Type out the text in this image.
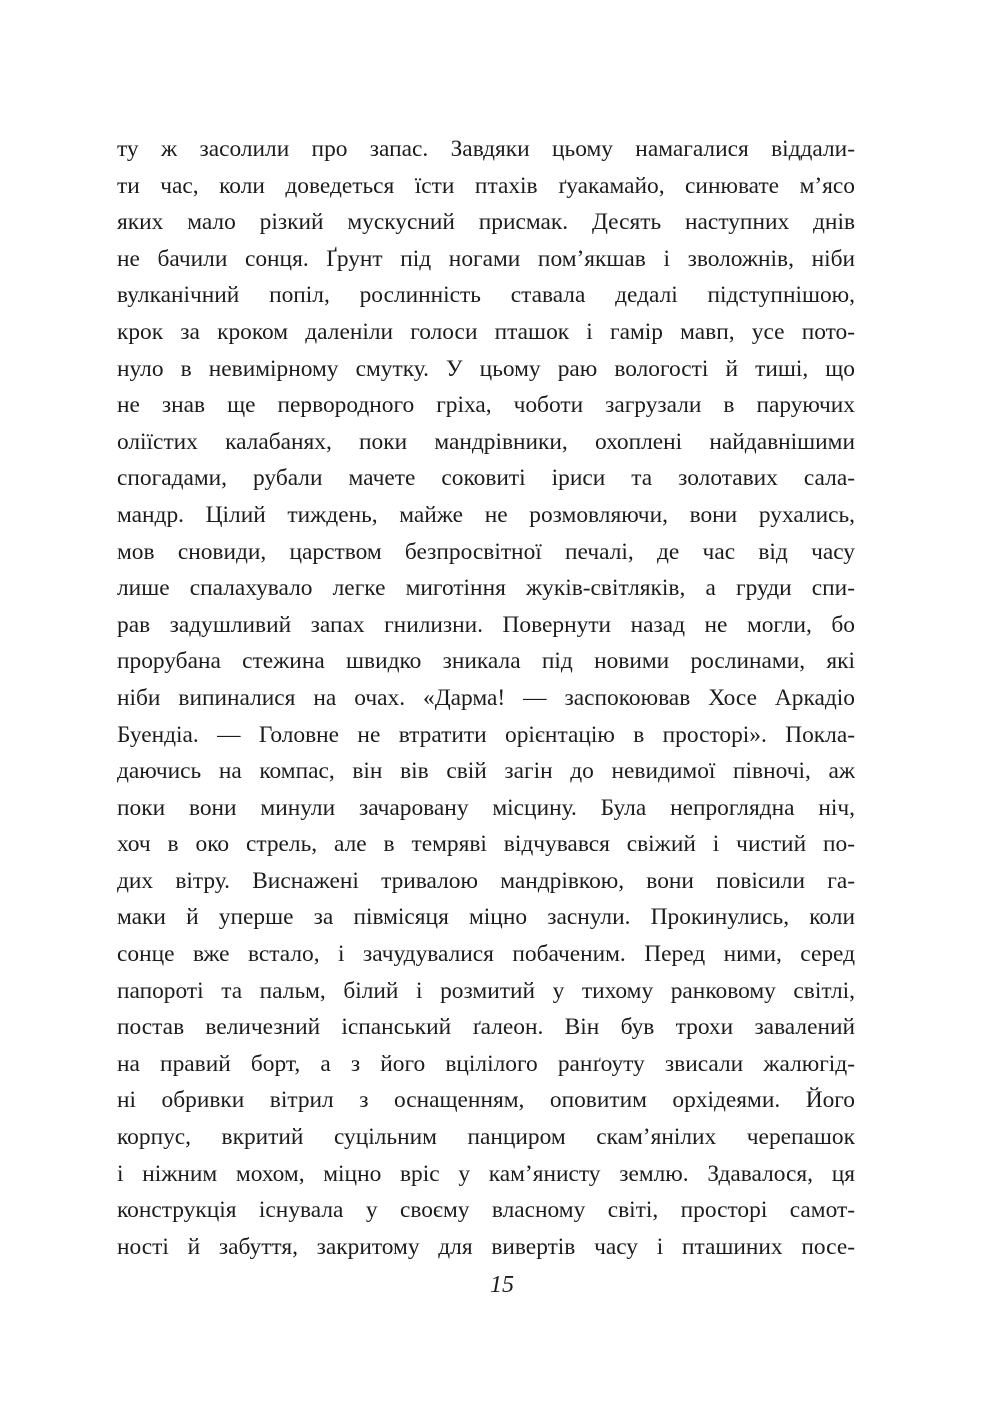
ту ж засолили про запас. Завдяки цьому намагалися віддали-
ти час, коли доведеться їсти птахів ґуакамайо, синювате м’ясо
яких мало різкий мускусний присмак. Десять наступних днів
не бачили сонця. Ґрунт під ногами пом’якшав і зволожнів, ніби
вулканічний попіл, рослинність ставала дедалі підступнішою,
крок за кроком даленіли голоси пташок і гамір мавп, усе пото-
нуло в невимірному смутку. У цьому раю вологості й тиші, що
не знав ще первородного гріха, чоботи загрузали в паруючих
оліїстих калабанях, поки мандрівники, охоплені найдавнішими
спогадами, рубали мачете соковиті іриси та золотавих сала-
мандр. Цілий тиждень, майже не розмовляючи, вони рухались,
мов сновиди, царством безпросвітної печалі, де час від часу
лише спалахувало легке миготіння жуків-світляків, а груди спи-
рав задушливий запах гнилизни. Повернути назад не могли, бо
прорубана стежина швидко зникала під новими рослинами, які
ніби випиналися на очах. «Дарма! — заспокоював Хосе Аркадіо
Буендіа. — Головне не втратити орієнтацію в просторі». Покла-
даючись на компас, він вів свій загін до невидимої півночі, аж
поки вони минули зачаровану місцину. Була непроглядна ніч,
хоч в око стрель, але в темряві відчувався свіжий і чистий по-
дих вітру. Виснажені тривалою мандрівкою, вони повісили га-
маки й уперше за півмісяця міцно заснули. Прокинулись, коли
сонце вже встало, і зачудувалися побаченим. Перед ними, серед
папороті та пальм, білий і розмитий у тихому ранковому світлі,
постав величезний іспанський ґалеон. Він був трохи завалений
на правий борт, а з його вцілілого ранґоуту звисали жалюгід-
ні обривки вітрил з оснащенням, оповитим орхідеями. Його
корпус, вкритий суцільним панциром скам’янілих черепашок
і ніжним мохом, міцно вріс у кам’янисту землю. Здавалося, ця
конструкція існувала у своєму власному світі, просторі самот-
ності й забуття, закритому для вивертів часу і пташиних посе-
15
